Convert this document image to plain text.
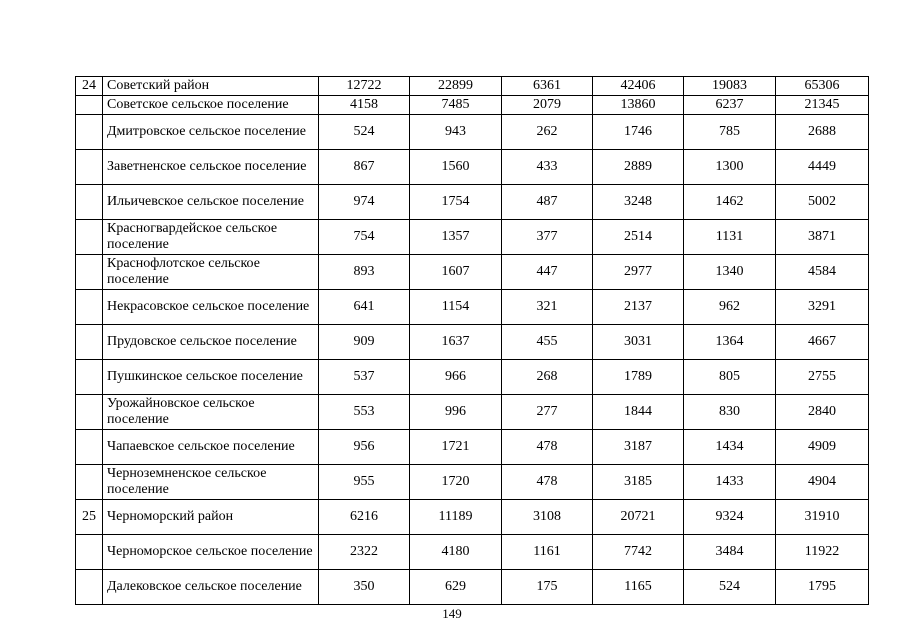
24	Советский район	12722	22899	6361	42406	19083	65306
	Советское сельское поселение	4158	7485	2079	13860	6237	21345
	Дмитровское сельское поселение	524	943	262	1746	785	2688
	Заветненское сельское поселение	867	1560	433	2889	1300	4449
	Ильичевское сельское поселение	974	1754	487	3248	1462	5002
	Красногвардейское сельское поселение	754	1357	377	2514	1131	3871
	Краснофлотское сельское поселение	893	1607	447	2977	1340	4584
	Некрасовское сельское поселение	641	1154	321	2137	962	3291
	Прудовское сельское поселение	909	1637	455	3031	1364	4667
	Пушкинское сельское поселение	537	966	268	1789	805	2755
	Урожайновское сельское поселение	553	996	277	1844	830	2840
	Чапаевское сельское поселение	956	1721	478	3187	1434	4909
	Черноземненское сельское поселение	955	1720	478	3185	1433	4904
25	Черноморский район	6216	11189	3108	20721	9324	31910
	Черноморское сельское поселение	2322	4180	1161	7742	3484	11922
	Далековское сельское поселение	350	629	175	1165	524	1795
149
